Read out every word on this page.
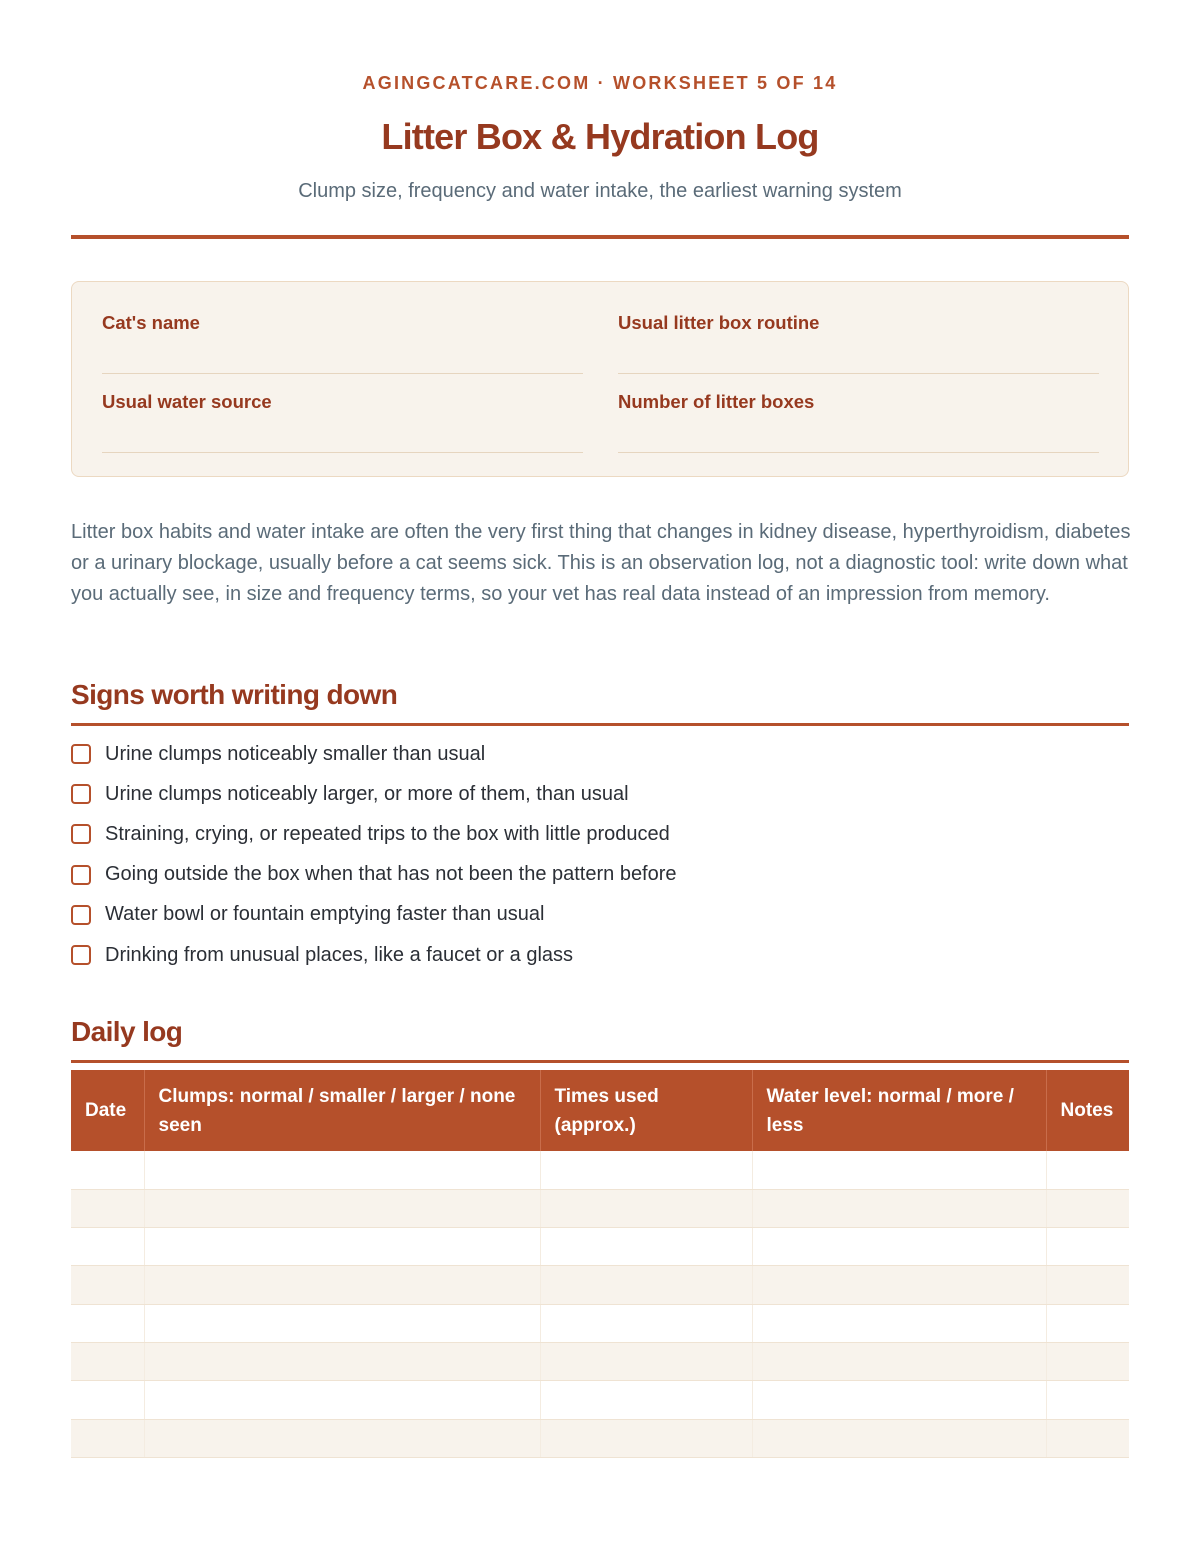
AGINGCATCARE.COM · WORKSHEET 5 OF 14
Litter Box & Hydration Log
Clump size, frequency and water intake, the earliest warning system
Cat's name	Usual litter box routine
Usual water source	Number of litter boxes

Litter box habits and water intake are often the very first thing that changes in kidney disease, hyperthyroidism, diabetes or a urinary blockage, usually before a cat seems sick. This is an observation log, not a diagnostic tool: write down what you actually see, in size and frequency terms, so your vet has real data instead of an impression from memory.

Signs worth writing down
Urine clumps noticeably smaller than usual
Urine clumps noticeably larger, or more of them, than usual
Straining, crying, or repeated trips to the box with little produced
Going outside the box when that has not been the pattern before
Water bowl or fountain emptying faster than usual
Drinking from unusual places, like a faucet or a glass
Daily log
Date	Clumps: normal / smaller / larger / none seen	Times used (approx.)	Water level: normal / more / less	Notes
